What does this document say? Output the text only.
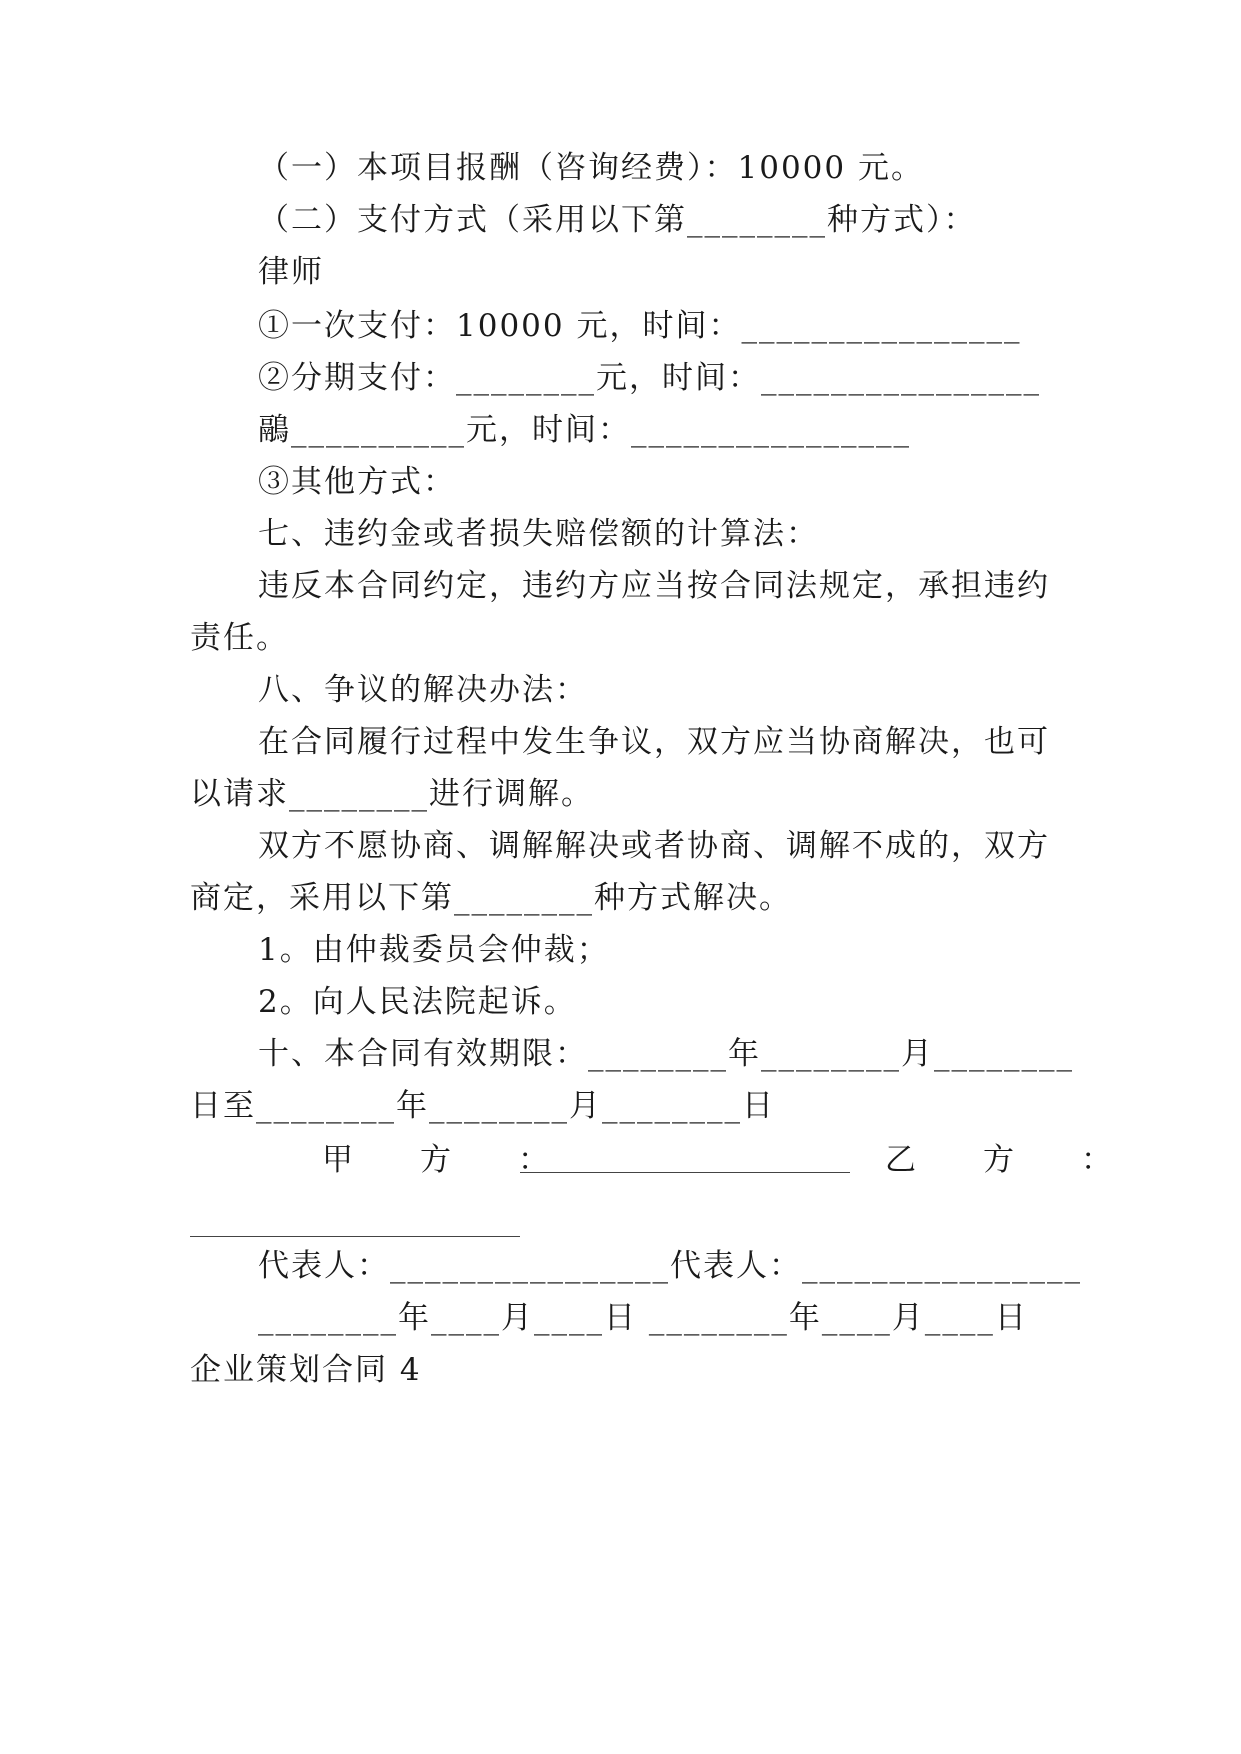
（一）本项目报酬（咨询经费）：10000 元。
（二）支付方式（采用以下第________种方式）：
律师
①一次支付：10000 元，时间：________________
②分期支付：________元，时间：________________
鷊__________元，时间：________________
③其他方式：
七、违约金或者损失赔偿额的计算法：
违反本合同约定，违约方应当按合同法规定，承担违约
责任。
八、争议的解决办法：
在合同履行过程中发生争议，双方应当协商解决，也可
以请求________进行调解。
双方不愿协商、调解解决或者协商、调解不成的，双方
商定，采用以下第________种方式解决。
1。由仲裁委员会仲裁；
2。向人民法院起诉。
十、本合同有效期限：________年________月________
日至________年________月________日
甲　方　：	乙　方　：
代表人：________________代表人：________________
________年____月____日 ________年____月____日
企业策划合同 4
